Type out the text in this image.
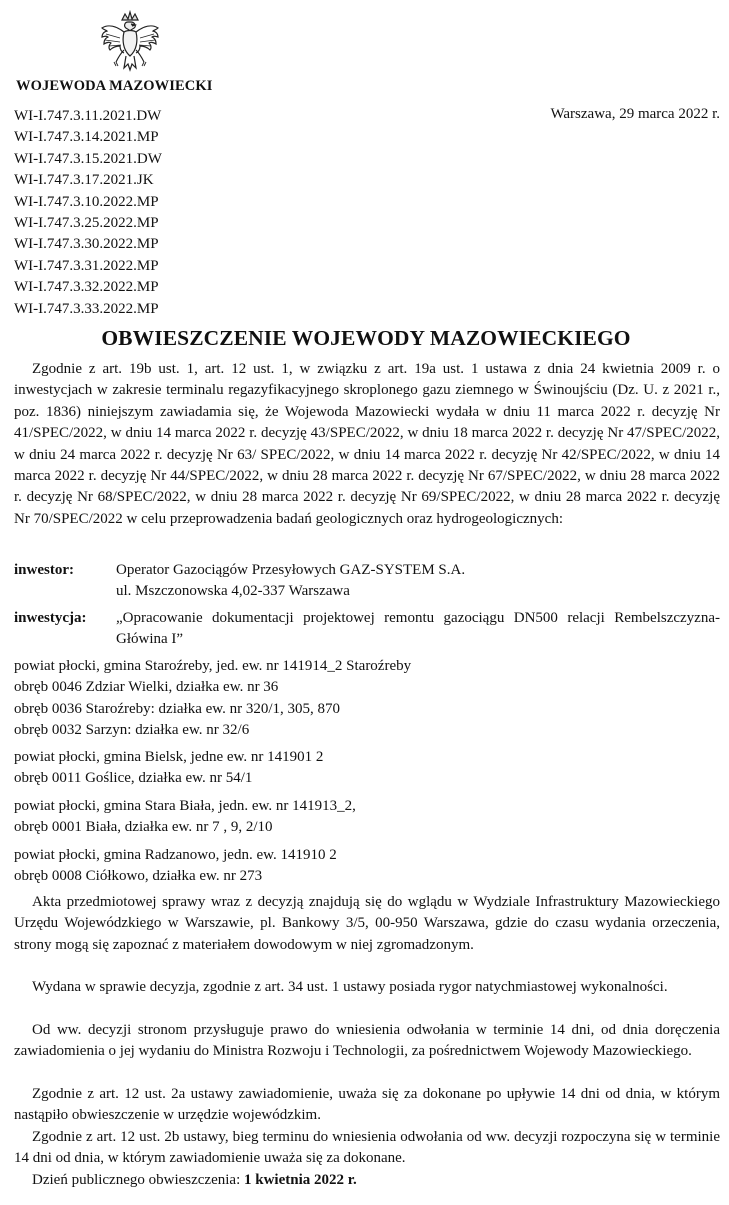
WOJEWODA MAZOWIECKI
WI-I.747.3.11.2021.DW
WI-I.747.3.14.2021.MP
WI-I.747.3.15.2021.DW
WI-I.747.3.17.2021.JK
WI-I.747.3.10.2022.MP
WI-I.747.3.25.2022.MP
WI-I.747.3.30.2022.MP
WI-I.747.3.31.2022.MP
WI-I.747.3.32.2022.MP
WI-I.747.3.33.2022.MP
Warszawa, 29 marca 2022 r.
OBWIESZCZENIE WOJEWODY MAZOWIECKIEGO
Zgodnie z art. 19b ust. 1, art. 12 ust. 1, w związku z art. 19a ust. 1 ustawa z dnia 24 kwietnia 2009 r. o inwestycjach w zakresie terminalu regazyfikacyjnego skroplonego gazu ziemnego w Świnoujściu (Dz. U. z 2021 r., poz. 1836) niniejszym zawiadamia się, że Wojewoda Mazowiecki wydała w dniu 11 marca 2022 r. decyzję Nr 41/SPEC/2022, w dniu 14 marca 2022 r. decyzję 43/SPEC/2022, w dniu 18 marca 2022 r. decyzję Nr 47/SPEC/2022, w dniu 24 marca 2022 r. decyzję Nr 63/ SPEC/2022, w dniu 14 marca 2022 r. decyzję Nr 42/SPEC/2022, w dniu 14 marca 2022 r. decyzję Nr 44/SPEC/2022, w dniu 28 marca 2022 r. decyzję Nr 67/SPEC/2022, w dniu 28 marca 2022 r. decyzję Nr 68/SPEC/2022, w dniu 28 marca 2022 r. decyzję Nr 69/SPEC/2022, w dniu 28 marca 2022 r. decyzję Nr 70/SPEC/2022 w celu przeprowadzenia badań geologicznych oraz hydrogeologicznych:
inwestor:	Operator Gazociągów Przesyłowych GAZ-SYSTEM S.A.
ul. Mszczonowska 4,02-337 Warszawa
inwestycja: „Opracowanie dokumentacji projektowej remontu gazociągu DN500 relacji Rembelszczyzna-Główina I”
powiat płocki, gmina Staroźreby, jed. ew. nr 141914_2 Staroźreby
obręb 0046 Zdziar Wielki, działka ew. nr 36
obręb 0036 Staroźreby: działka ew. nr 320/1, 305, 870
obręb 0032 Sarzyn: działka ew. nr 32/6
powiat płocki, gmina Bielsk, jedne ew. nr 141901 2
obręb 0011 Goślice, działka ew. nr 54/1
powiat płocki, gmina Stara Biała, jedn. ew. nr 141913_2,
obręb 0001 Biała, działka ew. nr 7 , 9, 2/10
powiat płocki, gmina Radzanowo, jedn. ew. 141910 2
obręb 0008 Ciółkowo, działka ew. nr 273
Akta przedmiotowej sprawy wraz z decyzją znajdują się do wglądu w Wydziale Infrastruktury Mazowieckiego Urzędu Wojewódzkiego w Warszawie, pl. Bankowy 3/5, 00-950 Warszawa, gdzie do czasu wydania orzeczenia, strony mogą się zapoznać z materiałem dowodowym w niej zgromadzonym.
Wydana w sprawie decyzja, zgodnie z art. 34 ust. 1 ustawy posiada rygor natychmiastowej wykonalności.
Od ww. decyzji stronom przysługuje prawo do wniesienia odwołania w terminie 14 dni, od dnia doręczenia zawiadomienia o jej wydaniu do Ministra Rozwoju i Technologii, za pośrednictwem Wojewody Mazowieckiego.
Zgodnie z art. 12 ust. 2a ustawy zawiadomienie, uważa się za dokonane po upływie 14 dni od dnia, w którym nastąpiło obwieszczenie w urzędzie wojewódzkim.
Zgodnie z art. 12 ust. 2b ustawy, bieg terminu do wniesienia odwołania od ww. decyzji rozpoczyna się w terminie 14 dni od dnia, w którym zawiadomienie uważa się za dokonane.
Dzień publicznego obwieszczenia: 1 kwietnia 2022 r.
